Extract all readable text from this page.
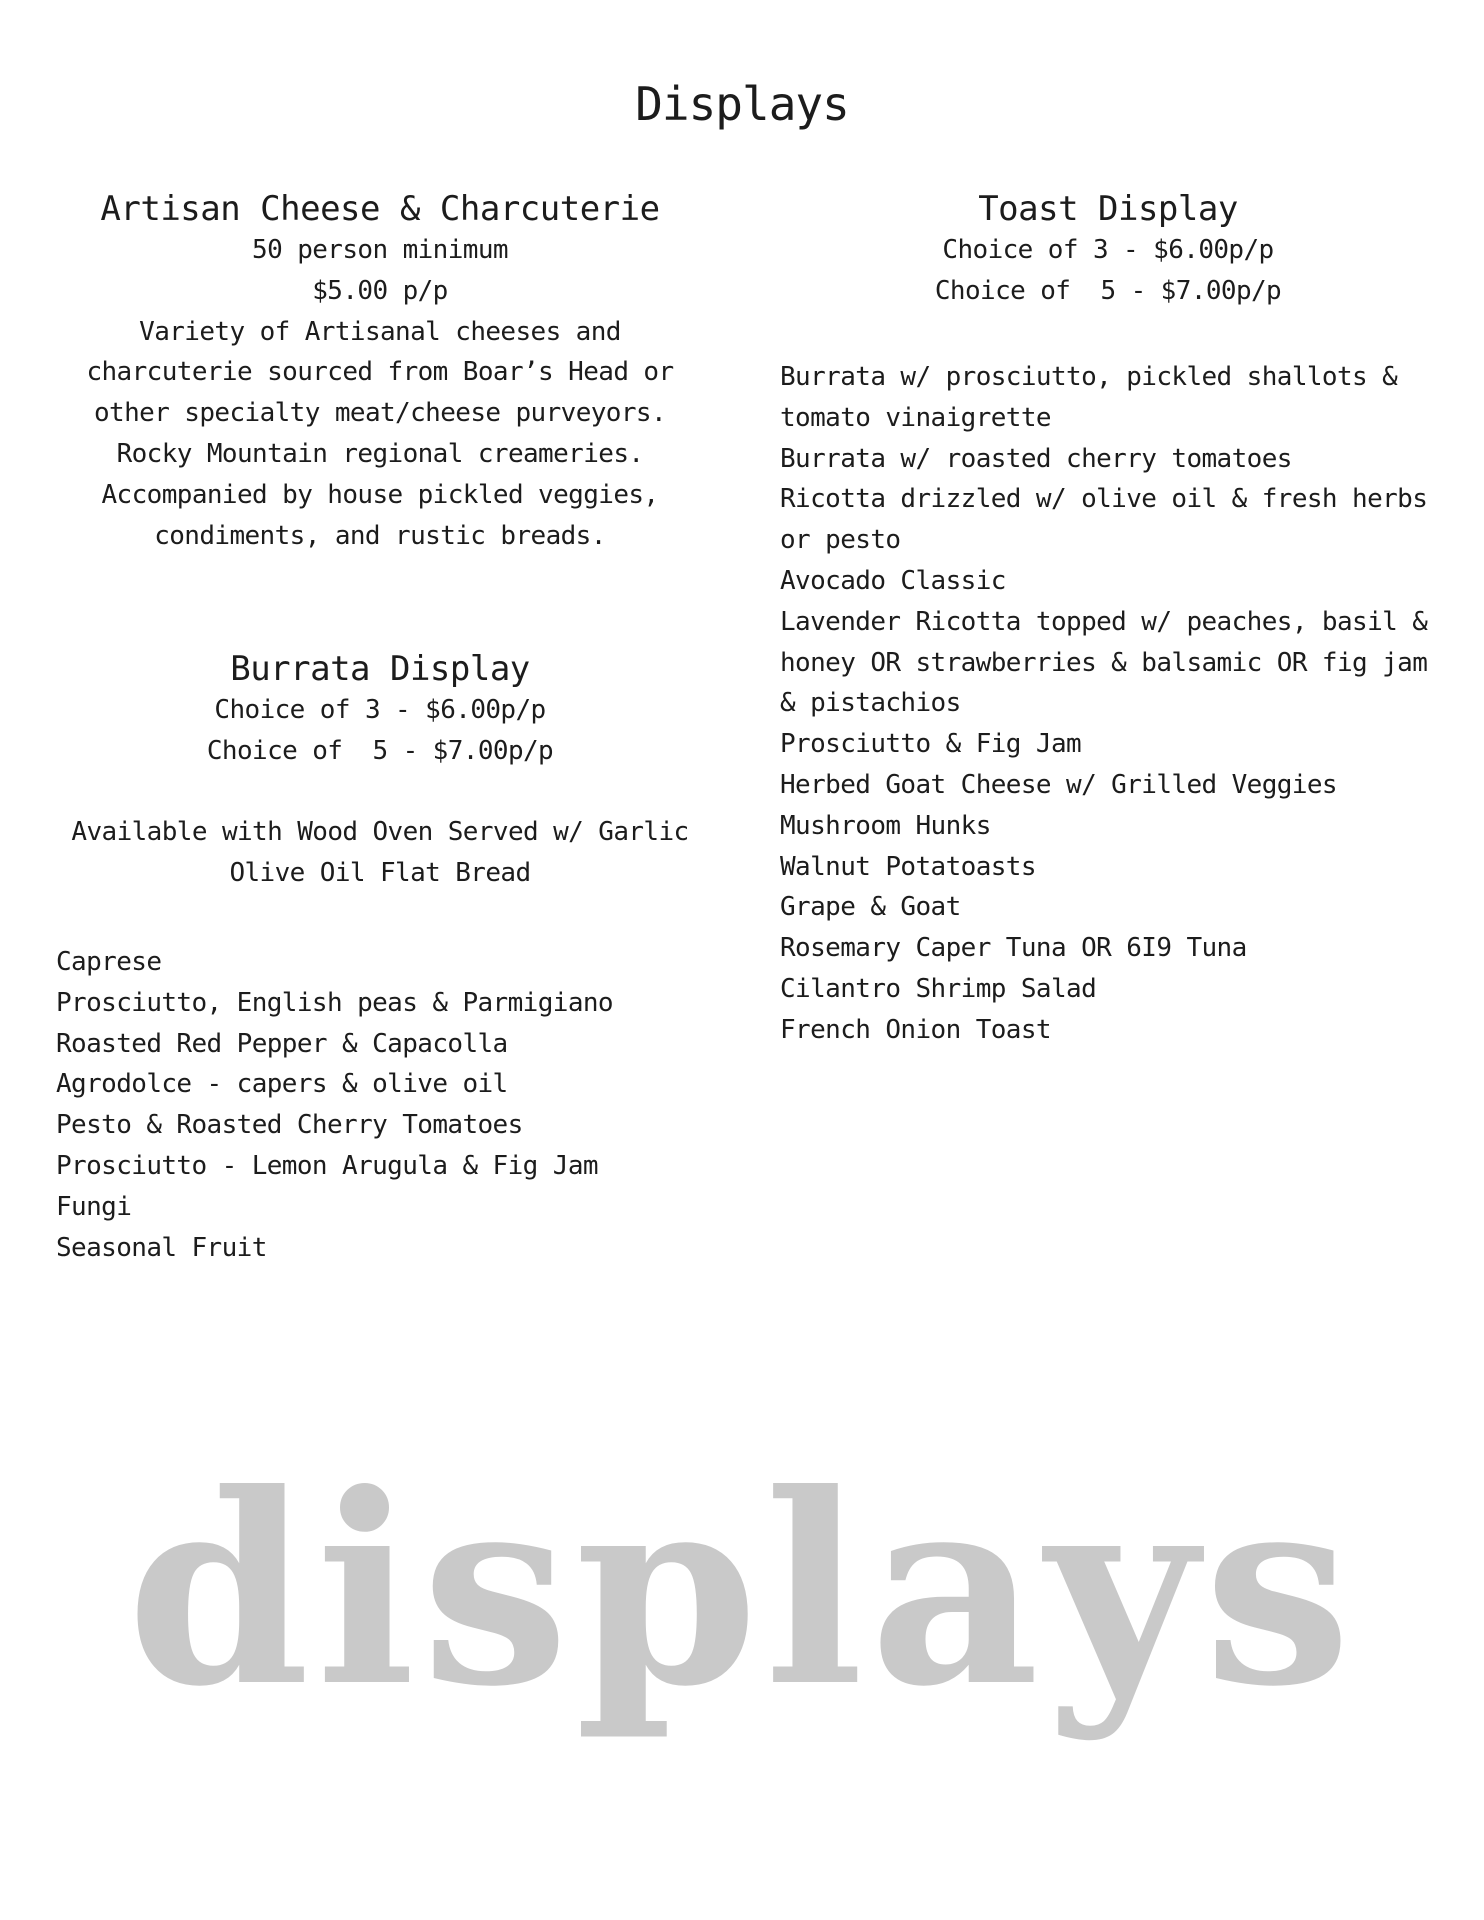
Displays
Artisan Cheese & Charcuterie
50 person minimum
$5.00 p/p
Variety of Artisanal cheeses and
charcuterie sourced from Boar’s Head or
other specialty meat/cheese purveyors.
Rocky Mountain regional creameries.
Accompanied by house pickled veggies,
condiments, and rustic breads.
Burrata Display
Choice of 3 - $6.00p/p
Choice of  5 - $7.00p/p
Available with Wood Oven Served w/ Garlic
Olive Oil Flat Bread
Caprese
Prosciutto, English peas & Parmigiano
Roasted Red Pepper & Capacolla
Agrodolce - capers & olive oil
Pesto & Roasted Cherry Tomatoes
Prosciutto - Lemon Arugula & Fig Jam
Fungi
Seasonal Fruit
Toast Display
Choice of 3 - $6.00p/p
Choice of  5 - $7.00p/p
Burrata w/ prosciutto, pickled shallots &
tomato vinaigrette
Burrata w/ roasted cherry tomatoes
Ricotta drizzled w/ olive oil & fresh herbs
or pesto
Avocado Classic
Lavender Ricotta topped w/ peaches, basil &
honey OR strawberries & balsamic OR fig jam
& pistachios
Prosciutto & Fig Jam
Herbed Goat Cheese w/ Grilled Veggies
Mushroom Hunks
Walnut Potatoasts
Grape & Goat
Rosemary Caper Tuna OR 6I9 Tuna
Cilantro Shrimp Salad
French Onion Toast
displays
